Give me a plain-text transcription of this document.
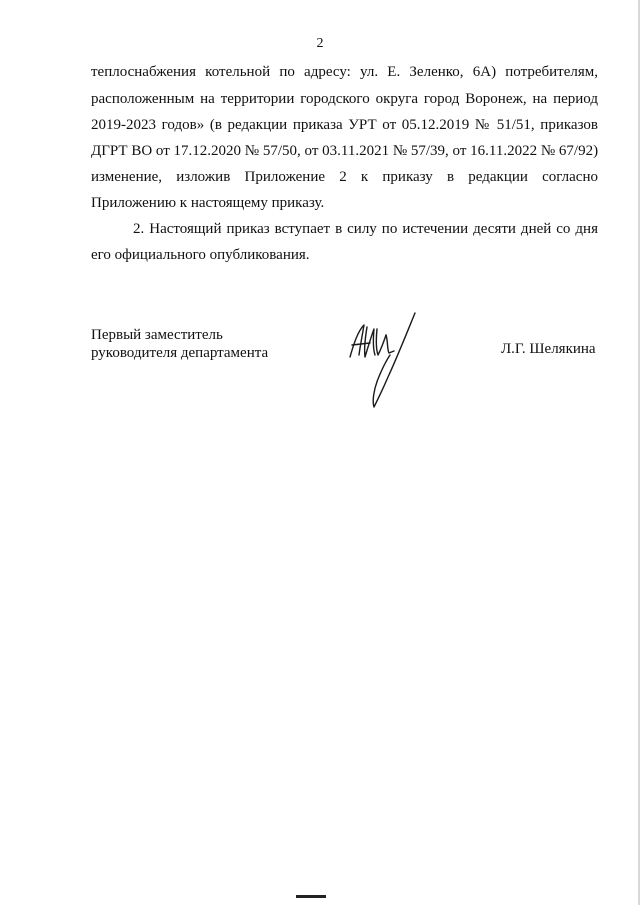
2
теплоснабжения котельной по адресу: ул. Е. Зеленко, 6А) потребителям,
расположенным на территории городского округа город Воронеж, на период
2019-2023 годов» (в редакции приказа УРТ от 05.12.2019 № 51/51, приказов
ДГРТ ВО от 17.12.2020 № 57/50, от 03.11.2021 № 57/39, от 16.11.2022 № 67/92)
изменение, изложив Приложение 2 к приказу в редакции согласно
Приложению к настоящему приказу.
2. Настоящий приказ вступает в силу по истечении десяти дней со дня
его официального опубликования.
Первый заместитель
руководителя департамента	Л.Г. Шелякина
